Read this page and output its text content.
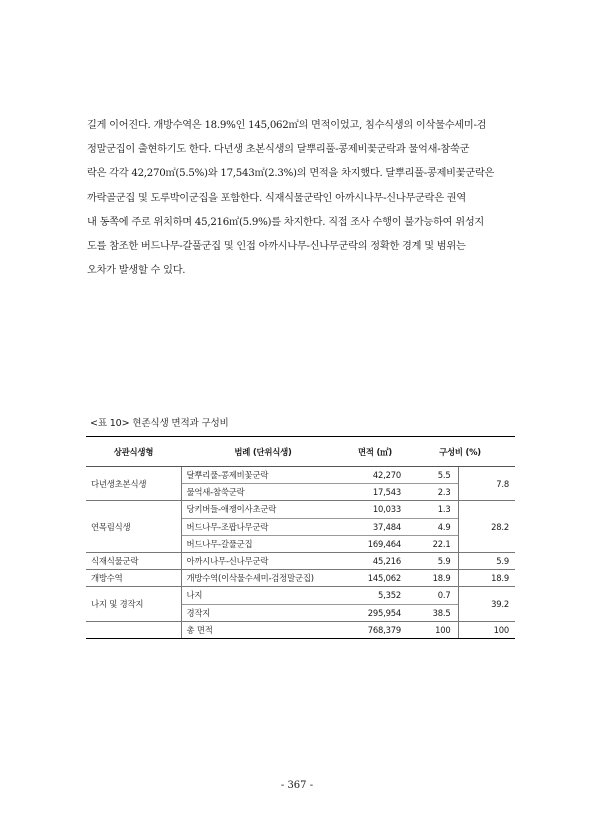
길게 이어진다. 개방수역은 18.9%인 145,062㎡의 면적이었고, 침수식생의 이삭물수세미-검
정말군집이 출현하기도 한다. 다년생 초본식생의 달뿌리풀-콩제비꽃군락과 물억새-참쑥군
락은 각각 42,270㎡(5.5%)와 17,543㎡(2.3%)의 면적을 차지했다. 달뿌리풀-콩제비꽃군락은
까락골군집 및 도루박이군집을 포함한다. 식재식물군락인 아까시나무-신나무군락은 권역
내 동쪽에 주로 위치하며 45,216㎡(5.9%)를 차지한다. 직접 조사 수행이 불가능하여 위성지
도를 참조한 버드나무-갈풀군집 및 인접 아까시나무-신나무군락의 정확한 경계 및 범위는
오차가 발생할 수 있다.
<표 10> 현존식생 면적과 구성비
상관식생형	범례 (단위식생)	면적 (㎡)	구성비 (%)	
다년생초본식생	달뿌리풀-콩제비꽃군락	42,270	5.5	7.8
	물억새-참쑥군락	17,543	2.3	
연목림식생	당키버들-애쟁이사초군락	10,033	1.3	28.2
	버드나무-조팝나무군락	37,484	4.9	
	버드나무-갈풀군집	169,464	22.1	
식재식물군락	아까시나무-신나무군락	45,216	5.9	5.9
개방수역	개방수역(이삭물수세미-검정말군집)	145,062	18.9	18.9
나지 및 경작지	나지	5,352	0.7	39.2
	경작지	295,954	38.5	
	총 면적	768,379	100	100
- 367 -
